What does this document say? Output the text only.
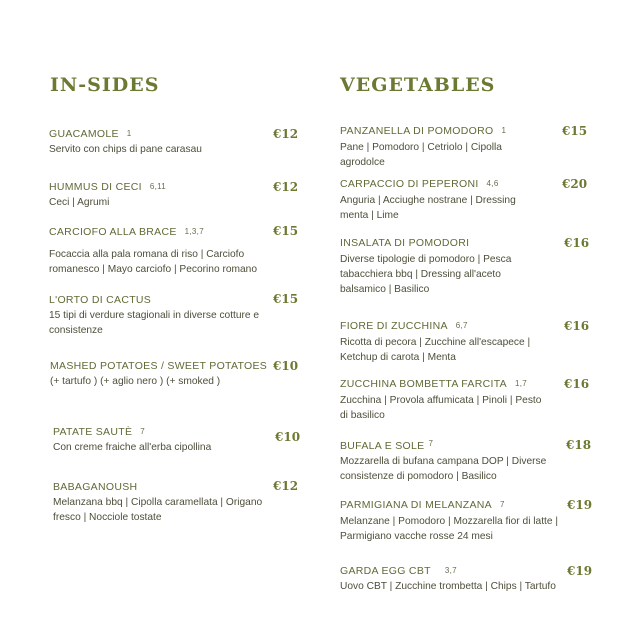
IN-SIDES	VEGETABLES
GUACAMOLE 1
Servito con chips di pane carasau
€12
HUMMUS DI CECI 6,11
Ceci | Agrumi
€12
CARCIOFO ALLA BRACE 1,3,7
Focaccia alla pala romana di riso | Carciofo romanesco | Mayo carciofo | Pecorino romano
€15
L'ORTO DI CACTUS
15 tipi di verdure stagionali in diverse cotture e consistenze
€15
MASHED POTATOES / SWEET POTATOES
(+ tartufo ) (+ aglio nero ) (+ smoked )
€10
PATATE SAUTÈ 7
Con creme fraiche all'erba cipollina
€10
BABAGANOUSH
Melanzana bbq | Cipolla caramellata | Origano fresco | Nocciole tostate
€12
PANZANELLA DI POMODORO 1
Pane | Pomodoro | Cetriolo | Cipolla agrodolce
€15
CARPACCIO DI PEPERONI 4,6
Anguria | Acciughe nostrane | Dressing menta | Lime
€20
INSALATA DI POMODORI
Diverse tipologie di pomodoro | Pesca tabacchiera bbq | Dressing all'aceto balsamico | Basilico
€16
FIORE DI ZUCCHINA 6,7
Ricotta di pecora | Zucchine all'escapece | Ketchup di carota | Menta
€16
ZUCCHINA BOMBETTA FARCITA 1,7
Zucchina | Provola affumicata | Pinoli | Pesto di basilico
€16
BUFALA E SOLE $^7$
Mozzarella di bufana campana DOP | Diverse consistenze di pomodoro | Basilico
€18
PARMIGIANA DI MELANZANA 7
Melanzane | Pomodoro | Mozzarella fior di latte | Parmigiano vacche rosse 24 mesi
€19
GARDA EGG CBT 3,7
Uovo CBT | Zucchine trombetta | Chips | Tartufo
€19
